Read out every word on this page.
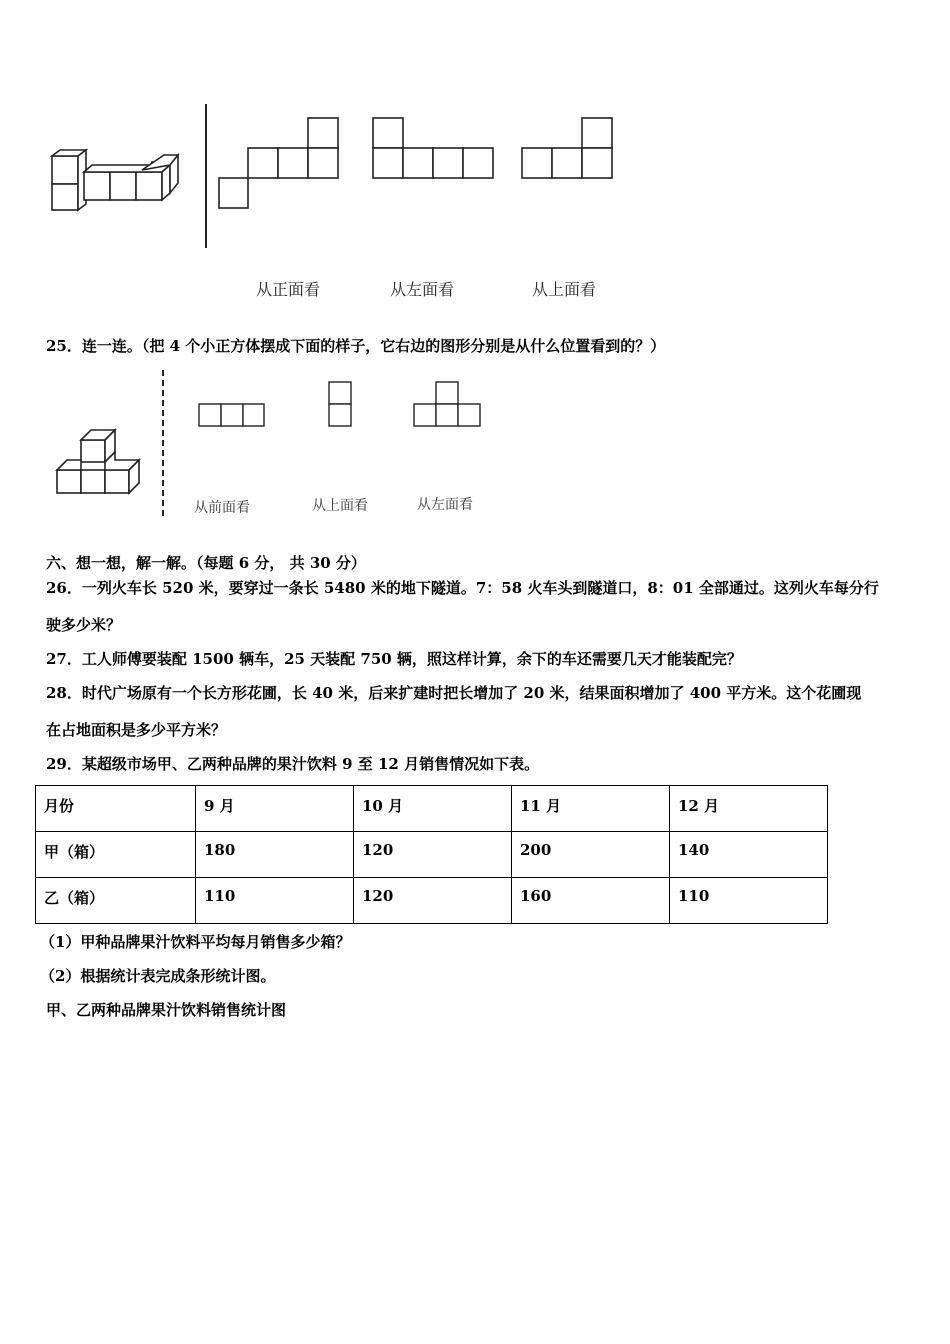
从正面看	从左面看	从上面看
25．连一连。（把 4 个小正方体摆成下面的样子，它右边的图形分别是从什么位置看到的？）
从前面看	从上面看	从左面看
六、想一想，解一解。（每题 6 分， 共 30 分）
26．一列火车长 520 米，要穿过一条长 5480 米的地下隧道。7：58 火车头到隧道口，8：01 全部通过。这列火车每分行
驶多少米？
27．工人师傅要装配 1500 辆车，25 天装配 750 辆，照这样计算，余下的车还需要几天才能装配完？
28．时代广场原有一个长方形花圃，长 40 米，后来扩建时把长增加了 20 米，结果面积增加了 400 平方米。这个花圃现
在占地面积是多少平方米？
29．某超级市场甲、乙两种品牌的果汁饮料 9 至 12 月销售情况如下表。
月份	9 月	10 月	11 月	12 月
甲（箱）	180	120	200	140
乙（箱）	110	120	160	110
（1）甲种品牌果汁饮料平均每月销售多少箱？
（2）根据统计表完成条形统计图。
甲、乙两种品牌果汁饮料销售统计图
